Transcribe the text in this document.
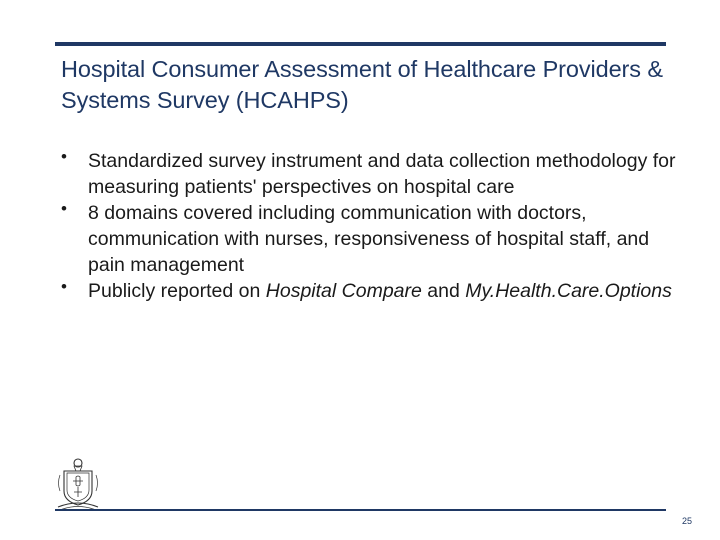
Hospital Consumer Assessment of Healthcare Providers & Systems Survey (HCAHPS)
• Standardized survey instrument and data collection methodology for measuring patients' perspectives on hospital care
• 8 domains covered including communication with doctors, communication with nurses, responsiveness of hospital staff, and pain management
• Publicly reported on Hospital Compare and My.Health.Care.Options
25
